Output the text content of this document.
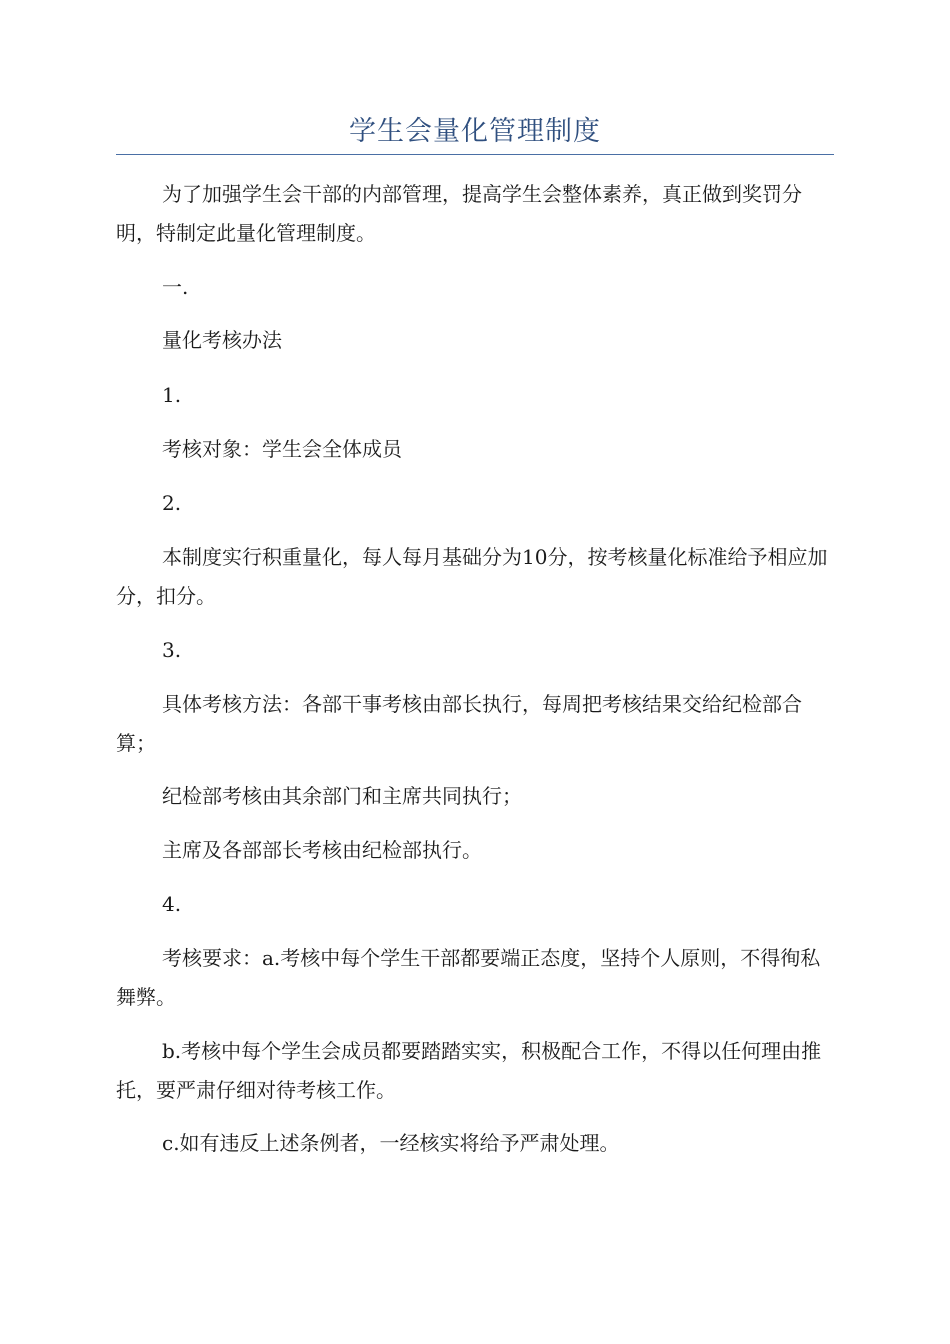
学生会量化管理制度

为了加强学生会干部的内部管理，提高学生会整体素养，真正做到奖罚分明，特制定此量化管理制度。

一.

量化考核办法

1.

考核对象：学生会全体成员

2.

本制度实行积重量化，每人每月基础分为10分，按考核量化标准给予相应加分，扣分。

3.

具体考核方法：各部干事考核由部长执行，每周把考核结果交给纪检部合算；

纪检部考核由其余部门和主席共同执行；

主席及各部部长考核由纪检部执行。

4.

考核要求：a.考核中每个学生干部都要端正态度，坚持个人原则，不得徇私舞弊。

b.考核中每个学生会成员都要踏踏实实，积极配合工作，不得以任何理由推托，要严肃仔细对待考核工作。

c.如有违反上述条例者，一经核实将给予严肃处理。
